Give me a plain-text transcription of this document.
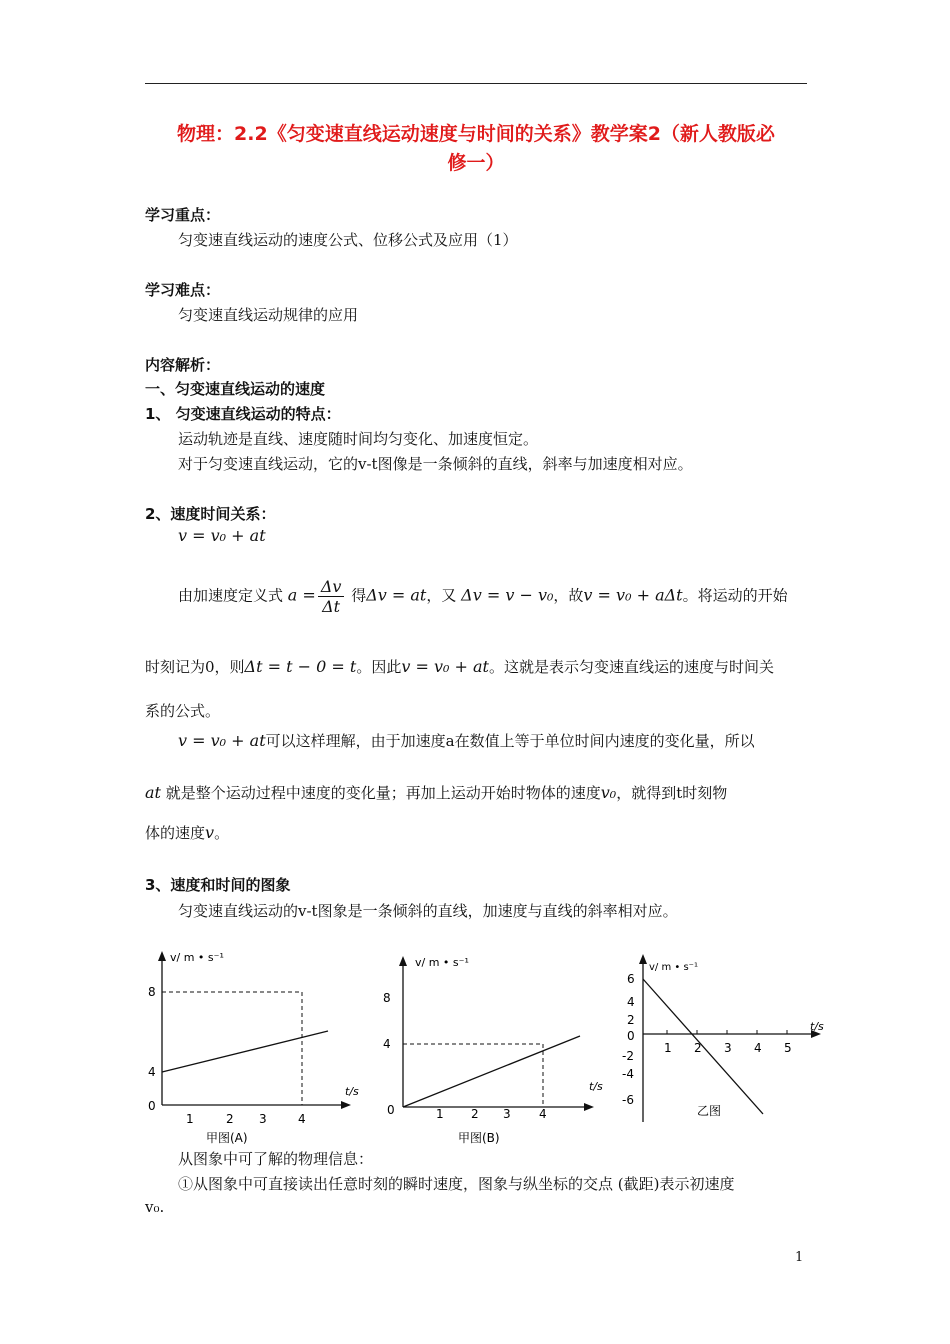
物理：2.2《匀变速直线运动速度与时间的关系》教学案2（新人教版必
修一）
学习重点：
匀变速直线运动的速度公式、位移公式及应用（1）
学习难点：
匀变速直线运动规律的应用
内容解析：
一、匀变速直线运动的速度
1、 匀变速直线运动的特点：
运动轨迹是直线、速度随时间均匀变化、加速度恒定。
对于匀变速直线运动，它的v-t图像是一条倾斜的直线，斜率与加速度相对应。
2、速度时间关系：
v = v₀ + at
由加速度定义式 $a = \frac{\Delta v}{\Delta t}$ 得Δv = at，又 Δv = v − v₀，故v = v₀ + aΔt。将运动的开始
时刻记为0，则Δt = t − 0 = t。因此v = v₀ + at。这就是表示匀变速直线运的速度与时间关
系的公式。
v = v₀ + at可以这样理解，由于加速度a在数值上等于单位时间内速度的变化量，所以
at 就是整个运动过程中速度的变化量；再加上运动开始时物体的速度v₀，就得到t时刻物
体的速度v。
3、速度和时间的图象
匀变速直线运动的v-t图象是一条倾斜的直线，加速度与直线的斜率相对应。
v/ m • s⁻¹
8
4
0
1	2 3	4
t/s
甲图(A)
v/ m • s⁻¹
8
4
0	1 2 3 4
t/s
甲图(B)
v/ m • s⁻¹
6
4
2
0
-2
-4
-6
1 2 3 4 5
t/s
乙图
从图象中可了解的物理信息：
①从图象中可直接读出任意时刻的瞬时速度，图象与纵坐标的交点 (截距)表示初速度
v₀.
1
